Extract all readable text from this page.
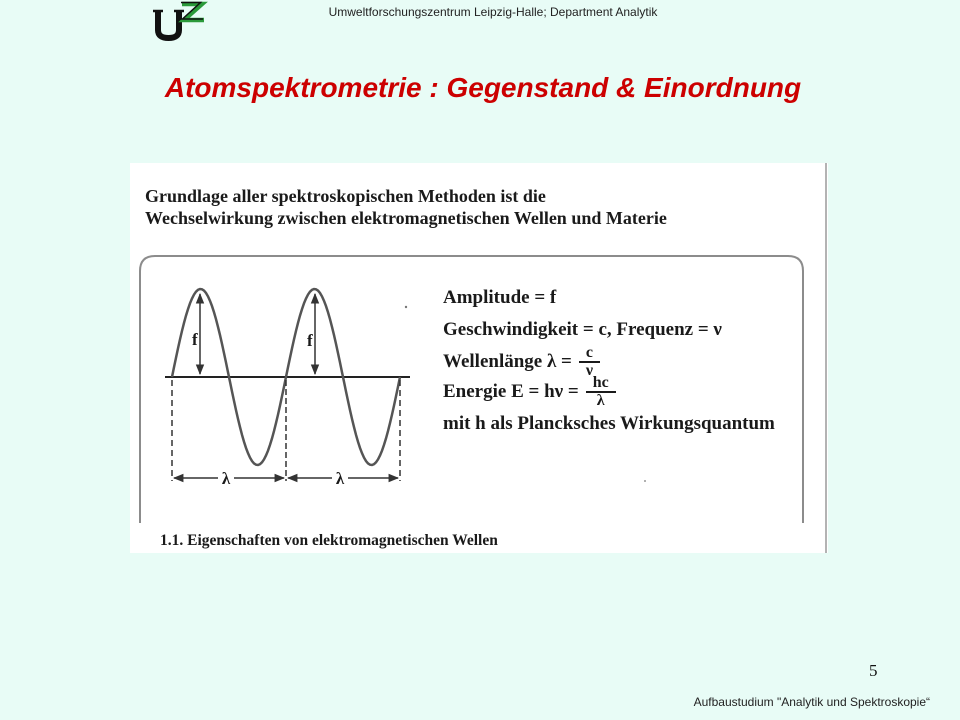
Umweltforschungszentrum Leipzig-Halle; Department Analytik
Atomspektrometrie : Gegenstand & Einordnung
f	f
λ	λ
Grundlage aller spektroskopischen Methoden ist die
Wechselwirkung zwischen elektromagnetischen Wellen und Materie
Amplitude = f
Geschwindigkeit = c, Frequenz = ν
Wellenlänge $\lambda = \frac{c}{\nu}$
Energie $E = h\nu = \frac{hc}{\lambda}$
mit h als Plancksches Wirkungsquantum
1.1. Eigenschaften von elektromagnetischen Wellen
5
Aufbaustudium "Analytik und Spektroskopie“
